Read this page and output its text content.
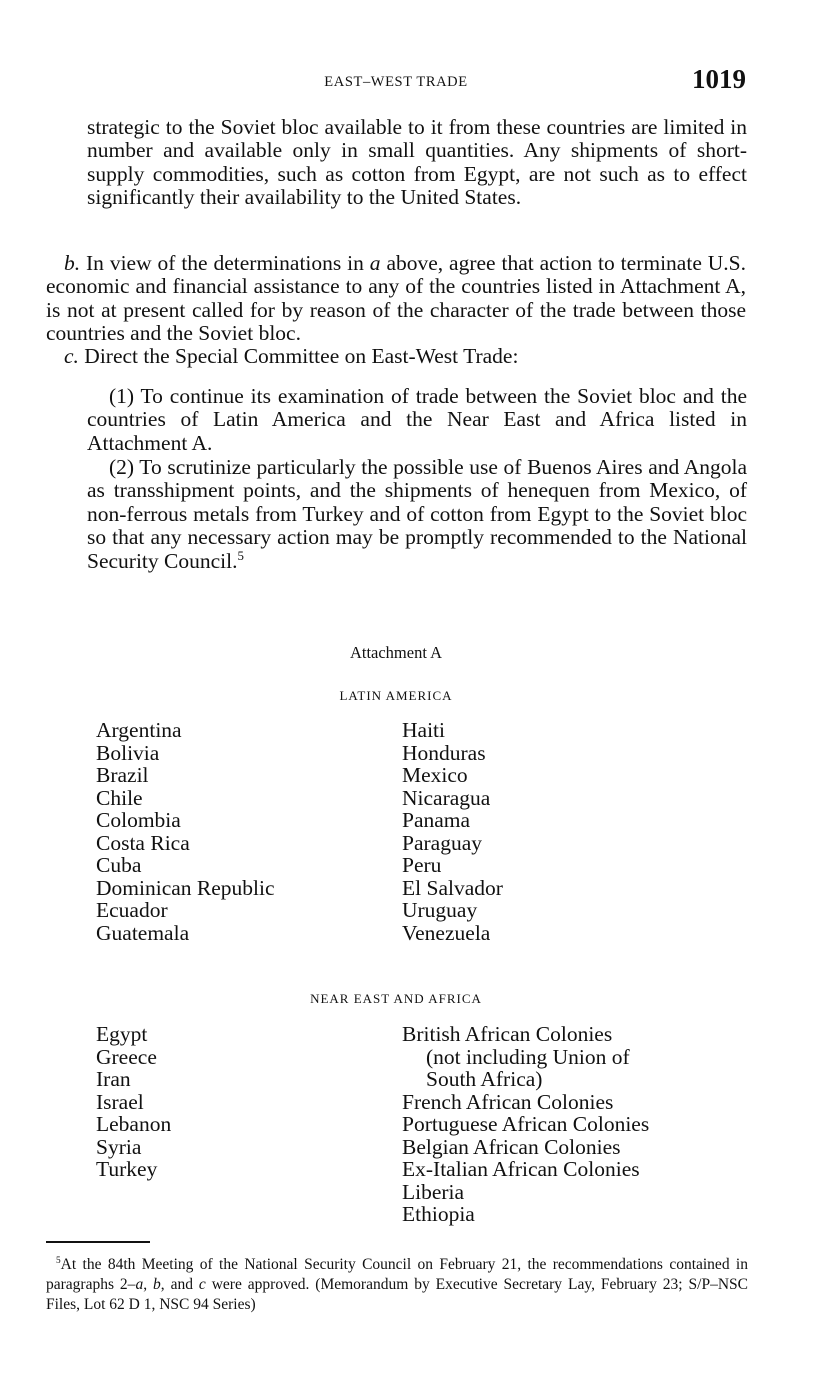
EAST–WEST TRADE	1019

strategic to the Soviet bloc available to it from these countries are limited in number and available only in small quantities. Any shipments of short-supply commodities, such as cotton from Egypt, are not such as to effect significantly their availability to the United States.

b. In view of the determinations in a above, agree that action to terminate U.S. economic and financial assistance to any of the countries listed in Attachment A, is not at present called for by reason of the character of the trade between those countries and the Soviet bloc.

c. Direct the Special Committee on East-West Trade:

(1) To continue its examination of trade between the Soviet bloc and the countries of Latin America and the Near East and Africa listed in Attachment A.

(2) To scrutinize particularly the possible use of Buenos Aires and Angola as transshipment points, and the shipments of henequen from Mexico, of non-ferrous metals from Turkey and of cotton from Egypt to the Soviet bloc so that any necessary action may be promptly recommended to the National Security Council.$^5$

Attachment A
LATIN AMERICA
Argentina
Bolivia
Brazil
Chile
Colombia
Costa Rica
Cuba
Dominican Republic
Ecuador
Guatemala
Haiti
Honduras
Mexico
Nicaragua
Panama
Paraguay
Peru
El Salvador
Uruguay
Venezuela
NEAR EAST AND AFRICA
Egypt
Greece
Iran
Israel
Lebanon
Syria
Turkey
British African Colonies
(not including Union of
South Africa)
French African Colonies
Portuguese African Colonies
Belgian African Colonies
Ex-Italian African Colonies
Liberia
Ethiopia

$^5$At the 84th Meeting of the National Security Council on February 21, the recommendations contained in paragraphs 2–a, b, and c were approved. (Memorandum by Executive Secretary Lay, February 23; S/P–NSC Files, Lot 62 D 1, NSC 94 Series)
